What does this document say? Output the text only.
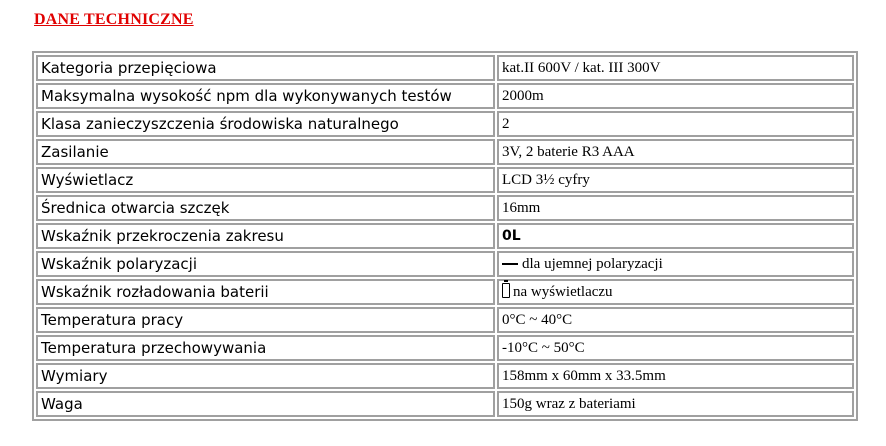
DANE TECHNICZNE
Kategoria przepięciowa	kat.II 600V / kat. III 300V
Maksymalna wysokość npm dla wykonywanych testów	2000m
Klasa zanieczyszczenia środowiska naturalnego	2
Zasilanie	3V, 2 baterie R3 AAA
Wyświetlacz	LCD 3½ cyfry
Średnica otwarcia szczęk	16mm
Wskaźnik przekroczenia zakresu	0L
Wskaźnik polaryzacji	dla ujemnej polaryzacji
Wskaźnik rozładowania baterii	na wyświetlaczu
Temperatura pracy	0°C ~ 40°C
Temperatura przechowywania	-10°C ~ 50°C
Wymiary	158mm x 60mm x 33.5mm
Waga	150g wraz z bateriami
